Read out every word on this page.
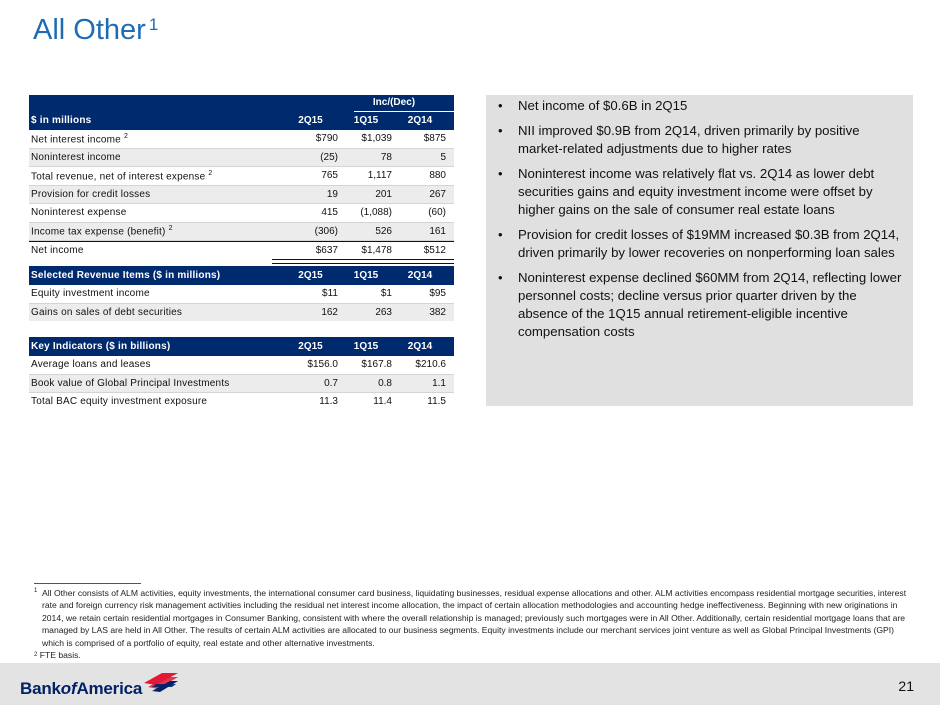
All Other $^1$
Inc/(Dec)
$ in millions	2Q15	1Q15	2Q14
Net interest income $^2$	$790	$1,039	$875
Noninterest income	(25)	78	5
Total revenue, net of interest expense $^2$	765	1,117	880
Provision for credit losses	19	201	267
Noninterest expense	415	(1,088)	(60)
Income tax expense (benefit) $^2$	(306)	526	161
Net income	$637	$1,478	$512
Selected Revenue Items ($ in millions)	2Q15	1Q15	2Q14
Equity investment income	$11	$1	$95
Gains on sales of debt securities	162	263	382
Key Indicators ($ in billions)	2Q15	1Q15	2Q14
Average loans and leases	$156.0	$167.8	$210.6
Book value of Global Principal Investments	0.7	0.8	1.1
Total BAC equity investment exposure	11.3	11.4	11.5
• Net income of $0.6B in 2Q15
• NII improved $0.9B from 2Q14, driven primarily by positive market-related adjustments due to higher rates
• Noninterest income was relatively flat vs. 2Q14 as lower debt securities gains and equity investment income were offset by higher gains on the sale of consumer real estate loans
• Provision for credit losses of $19MM increased $0.3B from 2Q14, driven primarily by lower recoveries on nonperforming loan sales
• Noninterest expense declined $60MM from 2Q14, reflecting lower personnel costs; decline versus prior quarter driven by the absence of the 1Q15 annual retirement-eligible incentive compensation costs
1 All Other consists of ALM activities, equity investments, the international consumer card business, liquidating businesses, residual expense allocations and other. ALM activities encompass residential mortgage securities, interest rate and foreign currency risk management activities including the residual net interest income allocation, the impact of certain allocation methodologies and accounting hedge ineffectiveness. Beginning with new originations in 2014, we retain certain residential mortgages in Consumer Banking, consistent with where the overall relationship is managed; previously such mortgages were in All Other. Additionally, certain residential mortgage loans that are managed by LAS are held in All Other. The results of certain ALM activities are allocated to our business segments. Equity investments include our merchant services joint venture as well as Global Principal Investments (GPI) which is comprised of a portfolio of equity, real estate and other alternative investments.
$^2$ FTE basis.
BankofAmerica	21
